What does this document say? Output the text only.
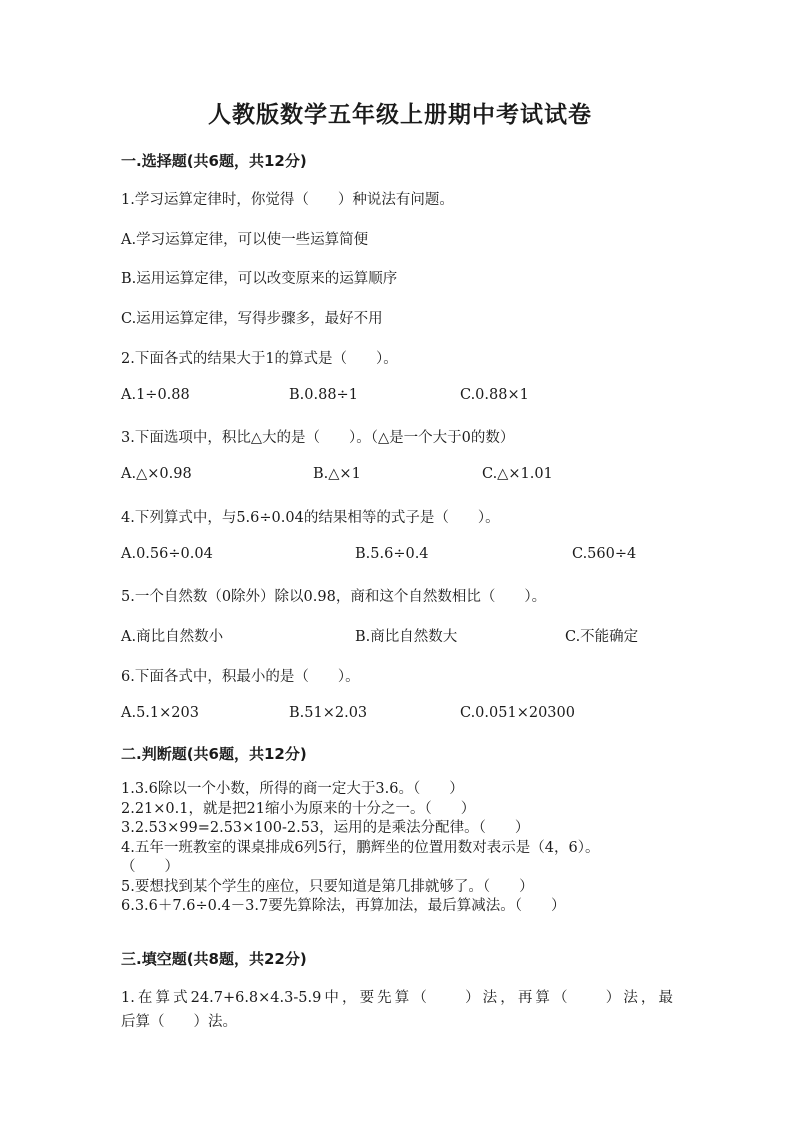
人教版数学五年级上册期中考试试卷
一.选择题(共6题，共12分)
1.学习运算定律时，你觉得（　　）种说法有问题。
A.学习运算定律，可以使一些运算简便
B.运用运算定律，可以改变原来的运算顺序
C.运用运算定律，写得步骤多，最好不用
2.下面各式的结果大于1的算式是（　　）。
A.1÷0.88	B.0.88÷1	C.0.88×1
3.下面选项中，积比△大的是（　　）。（△是一个大于0的数）
A.△×0.98	B.△×1	C.△×1.01
4.下列算式中，与5.6÷0.04的结果相等的式子是（　　）。
A.0.56÷0.04	B.5.6÷0.4	C.560÷4
5.一个自然数（0除外）除以0.98，商和这个自然数相比（　　）。
A.商比自然数小	B.商比自然数大	C.不能确定
6.下面各式中，积最小的是（　　）。
A.5.1×203	B.51×2.03	C.0.051×20300
二.判断题(共6题，共12分)
1.3.6除以一个小数，所得的商一定大于3.6。（　　）
2.21×0.1，就是把21缩小为原来的十分之一。（　　）
3.2.53×99=2.53×100-2.53，运用的是乘法分配律。（　　）
4.五年一班教室的课桌排成6列5行，鹏辉坐的位置用数对表示是（4，6）。
（　　）
5.要想找到某个学生的座位，只要知道是第几排就够了。（　　）
6.3.6＋7.6÷0.4－3.7要先算除法，再算加法，最后算减法。（　　）
三.填空题(共8题，共22分)
1.在算式24.7+6.8×4.3-5.9中，要先算（　　）法，再算（　　）法，最
后算（　　）法。
